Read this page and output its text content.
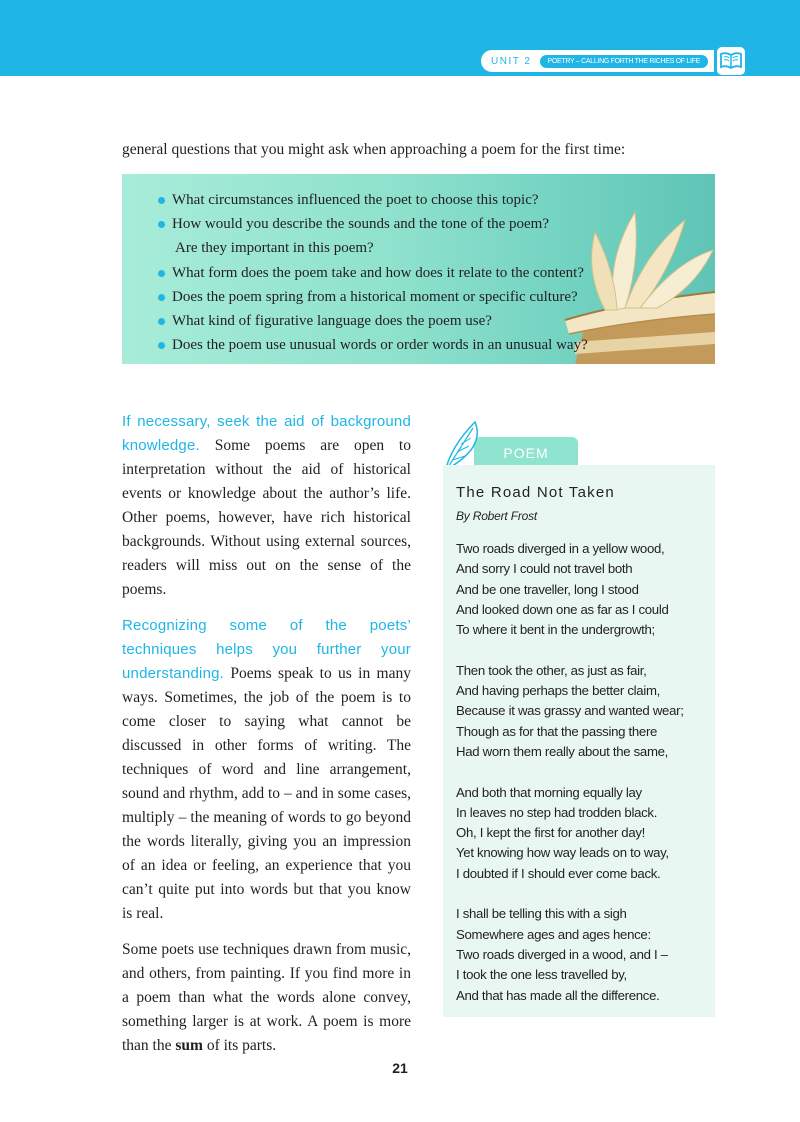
UNIT 2	POETRY – CALLING FORTH THE RICHES OF LIFE
general questions that you might ask when approaching a poem for the first time:
What circumstances influenced the poet to choose this topic?
How would you describe the sounds and the tone of the poem?
Are they important in this poem?
What form does the poem take and how does it relate to the content?
Does the poem spring from a historical moment or specific culture?
What kind of figurative language does the poem use?
Does the poem use unusual words or order words in an unusual way?

If necessary, seek the aid of background knowledge. Some poems are open to interpretation without the aid of historical events or knowledge about the author’s life. Other poems, however, have rich historical backgrounds. Without using external sources, readers will miss out on the sense of the poems.

Recognizing some of the poets’ techniques helps you further your understanding. Poems speak to us in many ways. Sometimes, the job of the poem is to come closer to saying what cannot be discussed in other forms of writing. The techniques of word and line arrangement, sound and rhythm, add to – and in some cases, multiply – the meaning of words to go beyond the words literally, giving you an impression of an idea or feeling, an experience that you can’t quite put into words but that you know is real.

Some poets use techniques drawn from music, and others, from painting. If you find more in a poem than what the words alone convey, something larger is at work. A poem is more than the sum of its parts.

POEM
The Road Not Taken
By Robert Frost
Two roads diverged in a yellow wood,
And sorry I could not travel both
And be one traveller, long I stood
And looked down one as far as I could
To where it bent in the undergrowth;
Then took the other, as just as fair,
And having perhaps the better claim,
Because it was grassy and wanted wear;
Though as for that the passing there
Had worn them really about the same,
And both that morning equally lay
In leaves no step had trodden black.
Oh, I kept the first for another day!
Yet knowing how way leads on to way,
I doubted if I should ever come back.
I shall be telling this with a sigh
Somewhere ages and ages hence:
Two roads diverged in a wood, and I –
I took the one less travelled by,
And that has made all the difference.
21
